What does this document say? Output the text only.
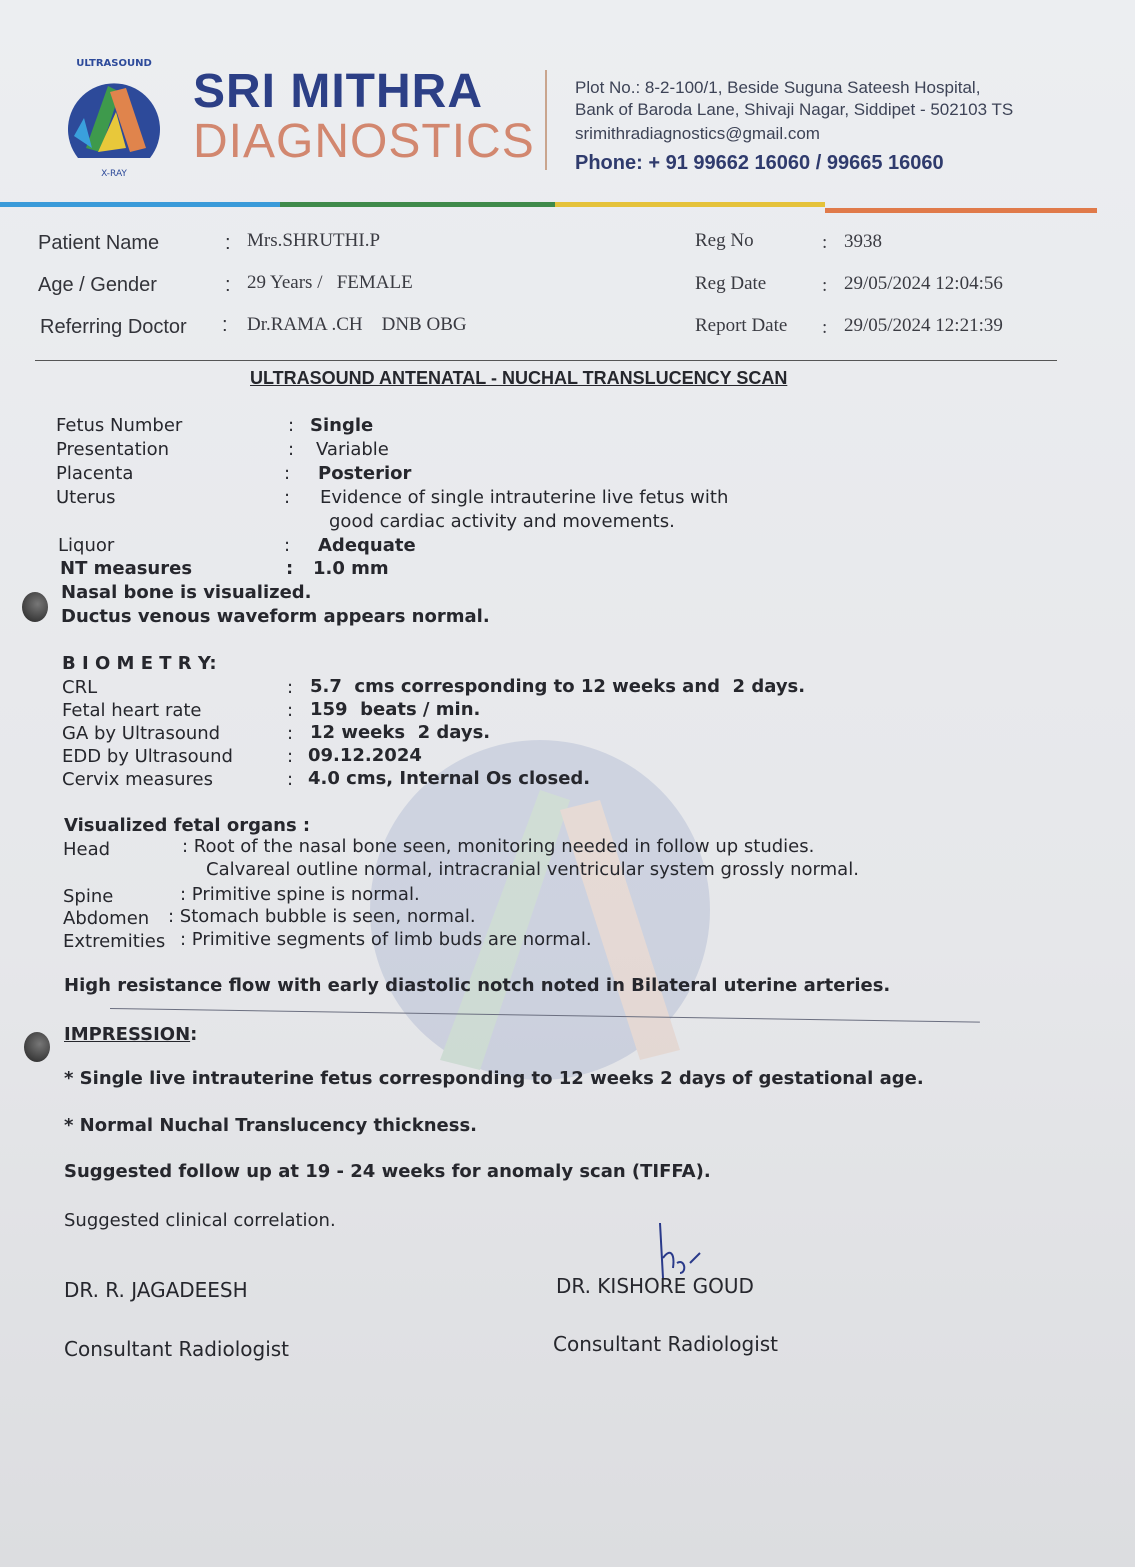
ULTRASOUND
X-RAY
SRI MITHRA
DIAGNOSTICS
Plot No.: 8-2-100/1, Beside Suguna Sateesh Hospital,
Bank of Baroda Lane, Shivaji Nagar, Siddipet - 502103 TS
srimithradiagnostics@gmail.com
Phone: + 91 99662 16060 / 99665 16060
Patient Name	: Mrs.SHRUTHI.P
Age / Gender	: 29 Years /   FEMALE
Referring Doctor : Dr.RAMA .CH    DNB OBG
Reg No	: 3938
Reg Date	: 29/05/2024 12:04:56
Report Date : 29/05/2024 12:21:39
ULTRASOUND ANTENATAL - NUCHAL TRANSLUCENCY SCAN
Fetus Number	: Single
Presentation	: Variable
Placenta	: Posterior
Uterus	: Evidence of single intrauterine live fetus with
good cardiac activity and movements.
Liquor	: Adequate
NT measures	: 1.0 mm
Nasal bone is visualized.
Ductus venous waveform appears normal.
B I O M E T R Y:
CRL	: 5.7  cms corresponding to 12 weeks and  2 days.
Fetal heart rate	: 159  beats / min.
GA by Ultrasound	: 12 weeks  2 days.
EDD by Ultrasound	: 09.12.2024
Cervix measures	: 4.0 cms, Internal Os closed.
Visualized fetal organs :
Head	: Root of the nasal bone seen, monitoring needed in follow up studies.
Calvareal outline normal, intracranial ventricular system grossly normal.
Spine	: Primitive spine is normal.
Abdomen : Stomach bubble is seen, normal.
Extremities : Primitive segments of limb buds are normal.
High resistance flow with early diastolic notch noted in Bilateral uterine arteries.
IMPRESSION:
* Single live intrauterine fetus corresponding to 12 weeks 2 days of gestational age.
* Normal Nuchal Translucency thickness.
Suggested follow up at 19 - 24 weeks for anomaly scan (TIFFA).
Suggested clinical correlation.
DR. R. JAGADEESH
Consultant Radiologist
DR. KISHORE GOUD
Consultant Radiologist
